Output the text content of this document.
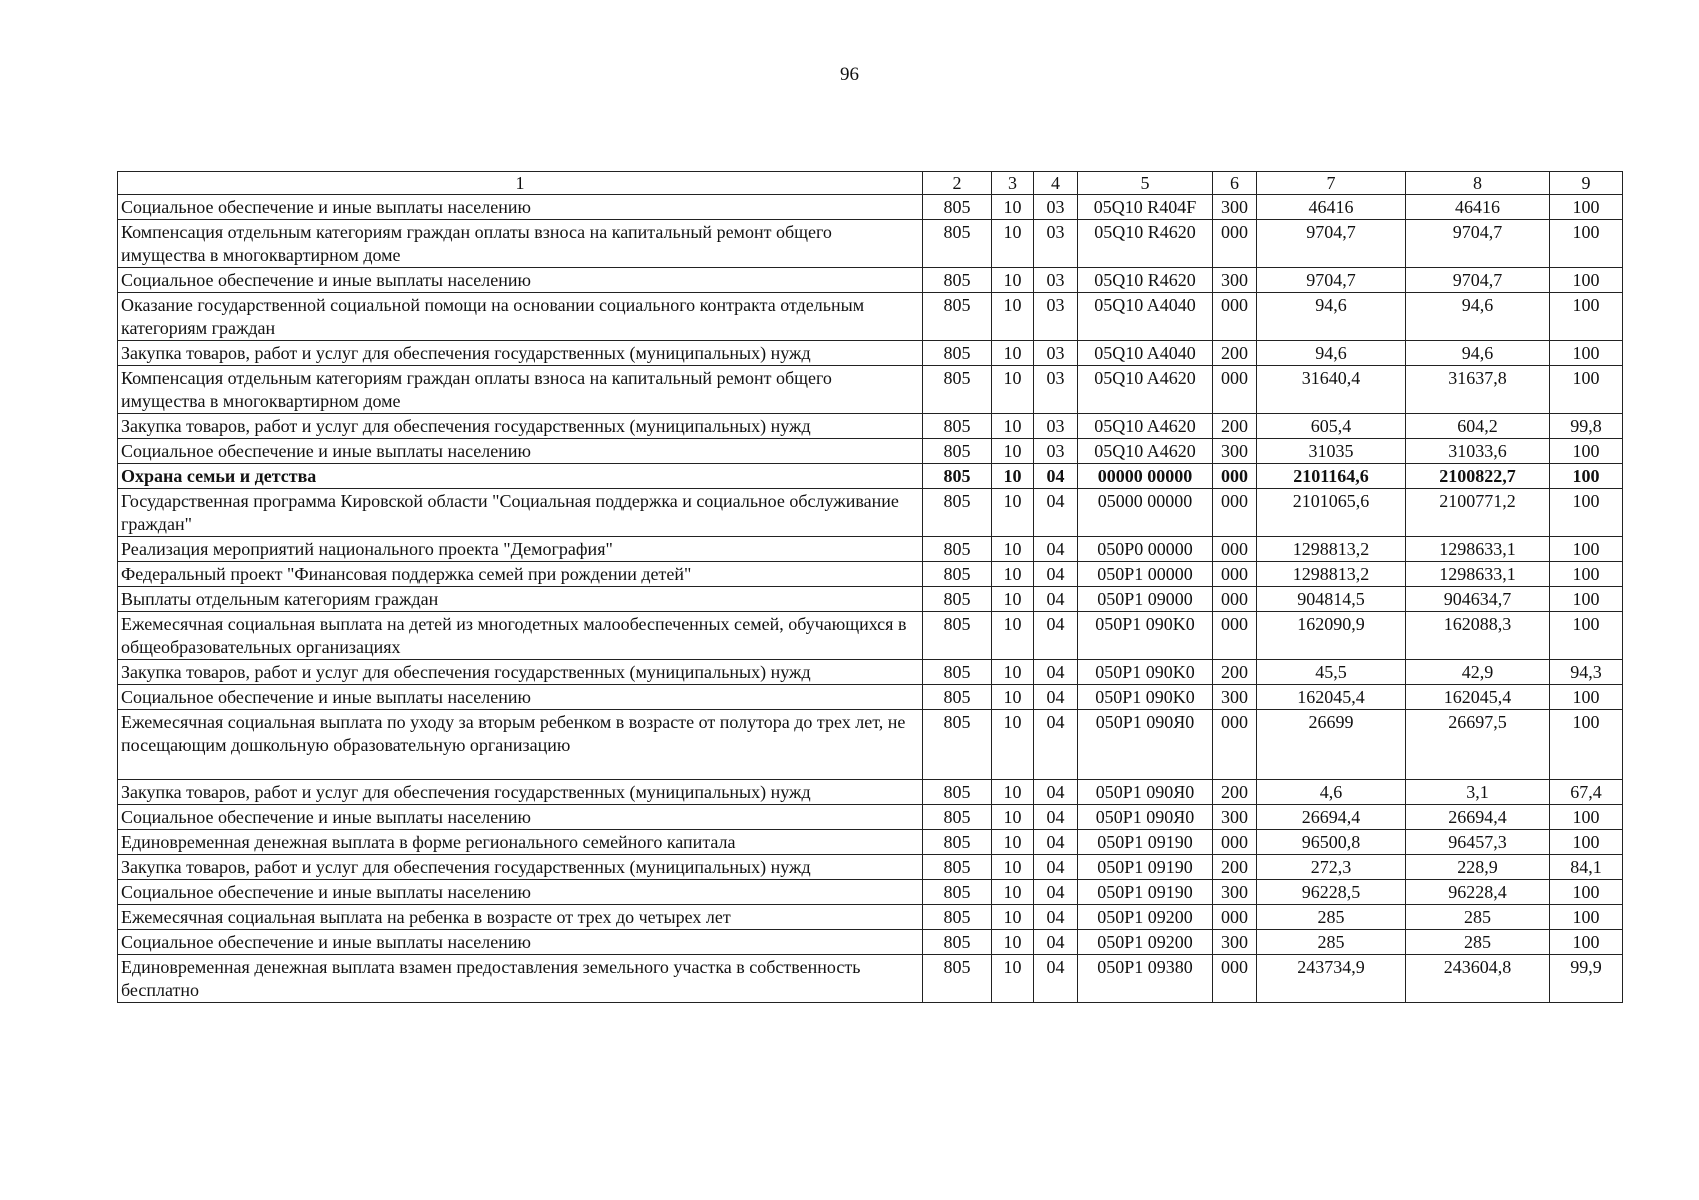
96
1	2	3	4	5	6	7	8	9
Социальное обеспечение и иные выплаты населению	805	10	03	05Q10 R404F	300	46416	46416	100
Компенсация отдельным категориям граждан оплаты взноса на капитальный ремонт общего имущества в многоквартирном доме	805	10	03	05Q10 R4620	000	9704,7	9704,7	100
Социальное обеспечение и иные выплаты населению	805	10	03	05Q10 R4620	300	9704,7	9704,7	100
Оказание государственной социальной помощи на основании социального контракта отдельным категориям граждан	805	10	03	05Q10 A4040	000	94,6	94,6	100
Закупка товаров, работ и услуг для обеспечения государственных (муниципальных) нужд	805	10	03	05Q10 A4040	200	94,6	94,6	100
Компенсация отдельным категориям граждан оплаты взноса на капитальный ремонт общего имущества в многоквартирном доме	805	10	03	05Q10 A4620	000	31640,4	31637,8	100
Закупка товаров, работ и услуг для обеспечения государственных (муниципальных) нужд	805	10	03	05Q10 A4620	200	605,4	604,2	99,8
Социальное обеспечение и иные выплаты населению	805	10	03	05Q10 A4620	300	31035	31033,6	100
Охрана семьи и детства	805	10	04	00000 00000	000	2101164,6	2100822,7	100
Государственная программа Кировской области "Социальная поддержка и социальное обслуживание граждан"	805	10	04	05000 00000	000	2101065,6	2100771,2	100
Реализация мероприятий национального проекта "Демография"	805	10	04	050P0 00000	000	1298813,2	1298633,1	100
Федеральный проект "Финансовая поддержка семей при рождении детей"	805	10	04	050P1 00000	000	1298813,2	1298633,1	100
Выплаты отдельным категориям граждан	805	10	04	050P1 09000	000	904814,5	904634,7	100
Ежемесячная социальная выплата на детей из многодетных малообеспеченных семей, обучающихся в общеобразовательных организациях	805	10	04	050P1 090K0	000	162090,9	162088,3	100
Закупка товаров, работ и услуг для обеспечения государственных (муниципальных) нужд	805	10	04	050P1 090K0	200	45,5	42,9	94,3
Социальное обеспечение и иные выплаты населению	805	10	04	050P1 090K0	300	162045,4	162045,4	100
Ежемесячная социальная выплата по уходу за вторым ребенком в возрасте от полутора до трех лет, не посещающим дошкольную образовательную организацию	805	10	04	050P1 090Я0	000	26699	26697,5	100
Закупка товаров, работ и услуг для обеспечения государственных (муниципальных) нужд	805	10	04	050P1 090Я0	200	4,6	3,1	67,4
Социальное обеспечение и иные выплаты населению	805	10	04	050P1 090Я0	300	26694,4	26694,4	100
Единовременная денежная выплата в форме регионального семейного капитала	805	10	04	050P1 09190	000	96500,8	96457,3	100
Закупка товаров, работ и услуг для обеспечения государственных (муниципальных) нужд	805	10	04	050P1 09190	200	272,3	228,9	84,1
Социальное обеспечение и иные выплаты населению	805	10	04	050P1 09190	300	96228,5	96228,4	100
Ежемесячная социальная выплата на ребенка в возрасте от трех до четырех лет	805	10	04	050P1 09200	000	285	285	100
Социальное обеспечение и иные выплаты населению	805	10	04	050P1 09200	300	285	285	100
Единовременная денежная выплата взамен предоставления земельного участка в собственность бесплатно	805	10	04	050P1 09380	000	243734,9	243604,8	99,9
